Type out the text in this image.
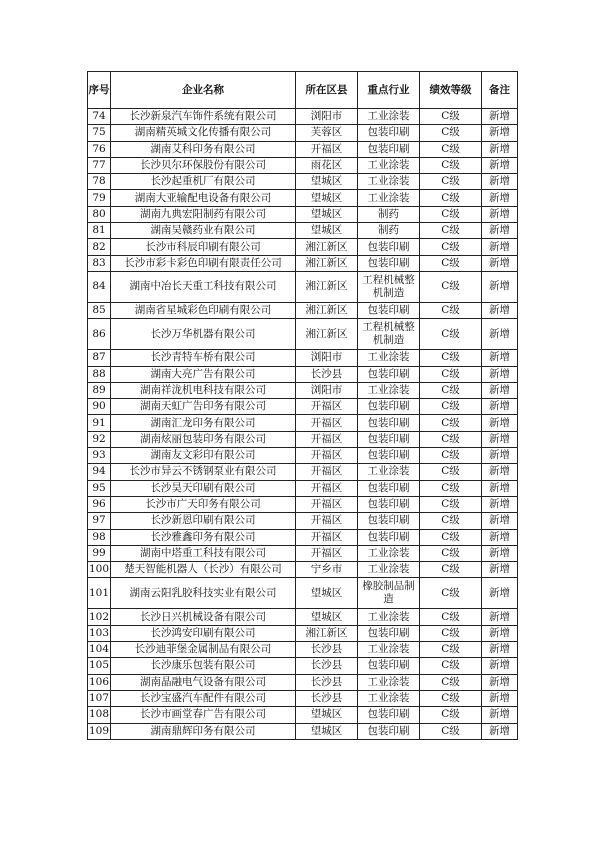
序号	企业名称	所在区县	重点行业	绩效等级	备注
74	长沙新泉汽车饰件系统有限公司	浏阳市	工业涂装	C级	新增
75	湖南精英城文化传播有限公司	芙蓉区	包装印刷	C级	新增
76	湖南艾科印务有限公司	开福区	包装印刷	C级	新增
77	长沙贝尔环保股份有限公司	雨花区	工业涂装	C级	新增
78	长沙起重机厂有限公司	望城区	工业涂装	C级	新增
79	湖南大亚输配电设备有限公司	望城区	工业涂装	C级	新增
80	湖南九典宏阳制药有限公司	望城区	制药	C级	新增
81	湖南吴赣药业有限公司	望城区	制药	C级	新增
82	长沙市科辰印刷有限公司	湘江新区	包装印刷	C级	新增
83	长沙市彩卡彩色印刷有限责任公司	湘江新区	包装印刷	C级	新增
84	湖南中冶长天重工科技有限公司	湘江新区	工程机械整机制造	C级	新增
85	湖南省星城彩色印刷有限公司	湘江新区	包装印刷	C级	新增
86	长沙万华机器有限公司	湘江新区	工程机械整机制造	C级	新增
87	长沙青特车桥有限公司	浏阳市	工业涂装	C级	新增
88	湖南大亮广告有限公司	长沙县	包装印刷	C级	新增
89	湖南祥泷机电科技有限公司	浏阳市	工业涂装	C级	新增
90	湖南天虹广告印务有限公司	开福区	包装印刷	C级	新增
91	湖南汇龙印务有限公司	开福区	包装印刷	C级	新增
92	湖南炫丽包装印务有限公司	开福区	包装印刷	C级	新增
93	湖南友文彩印有限公司	开福区	包装印刷	C级	新增
94	长沙市异云不锈钢泵业有限公司	开福区	工业涂装	C级	新增
95	长沙昊天印刷有限公司	开福区	包装印刷	C级	新增
96	长沙市广天印务有限公司	开福区	包装印刷	C级	新增
97	长沙新恩印刷有限公司	开福区	包装印刷	C级	新增
98	长沙雅鑫印务有限公司	开福区	包装印刷	C级	新增
99	湖南中塔重工科技有限公司	开福区	工业涂装	C级	新增
100	楚天智能机器人（长沙）有限公司	宁乡市	工业涂装	C级	新增
101	湖南云阳乳胶科技实业有限公司	望城区	橡胶制品制造	C级	新增
102	长沙日兴机械设备有限公司	望城区	工业涂装	C级	新增
103	长沙鸿安印刷有限公司	湘江新区	包装印刷	C级	新增
104	长沙迪菲堡金属制品有限公司	长沙县	工业涂装	C级	新增
105	长沙康乐包装有限公司	长沙县	包装印刷	C级	新增
106	湖南晶融电气设备有限公司	长沙县	工业涂装	C级	新增
107	长沙宝盛汽车配件有限公司	长沙县	工业涂装	C级	新增
108	长沙市画堂春广告有限公司	望城区	包装印刷	C级	新增
109	湖南鼎辉印务有限公司	望城区	包装印刷	C级	新增
